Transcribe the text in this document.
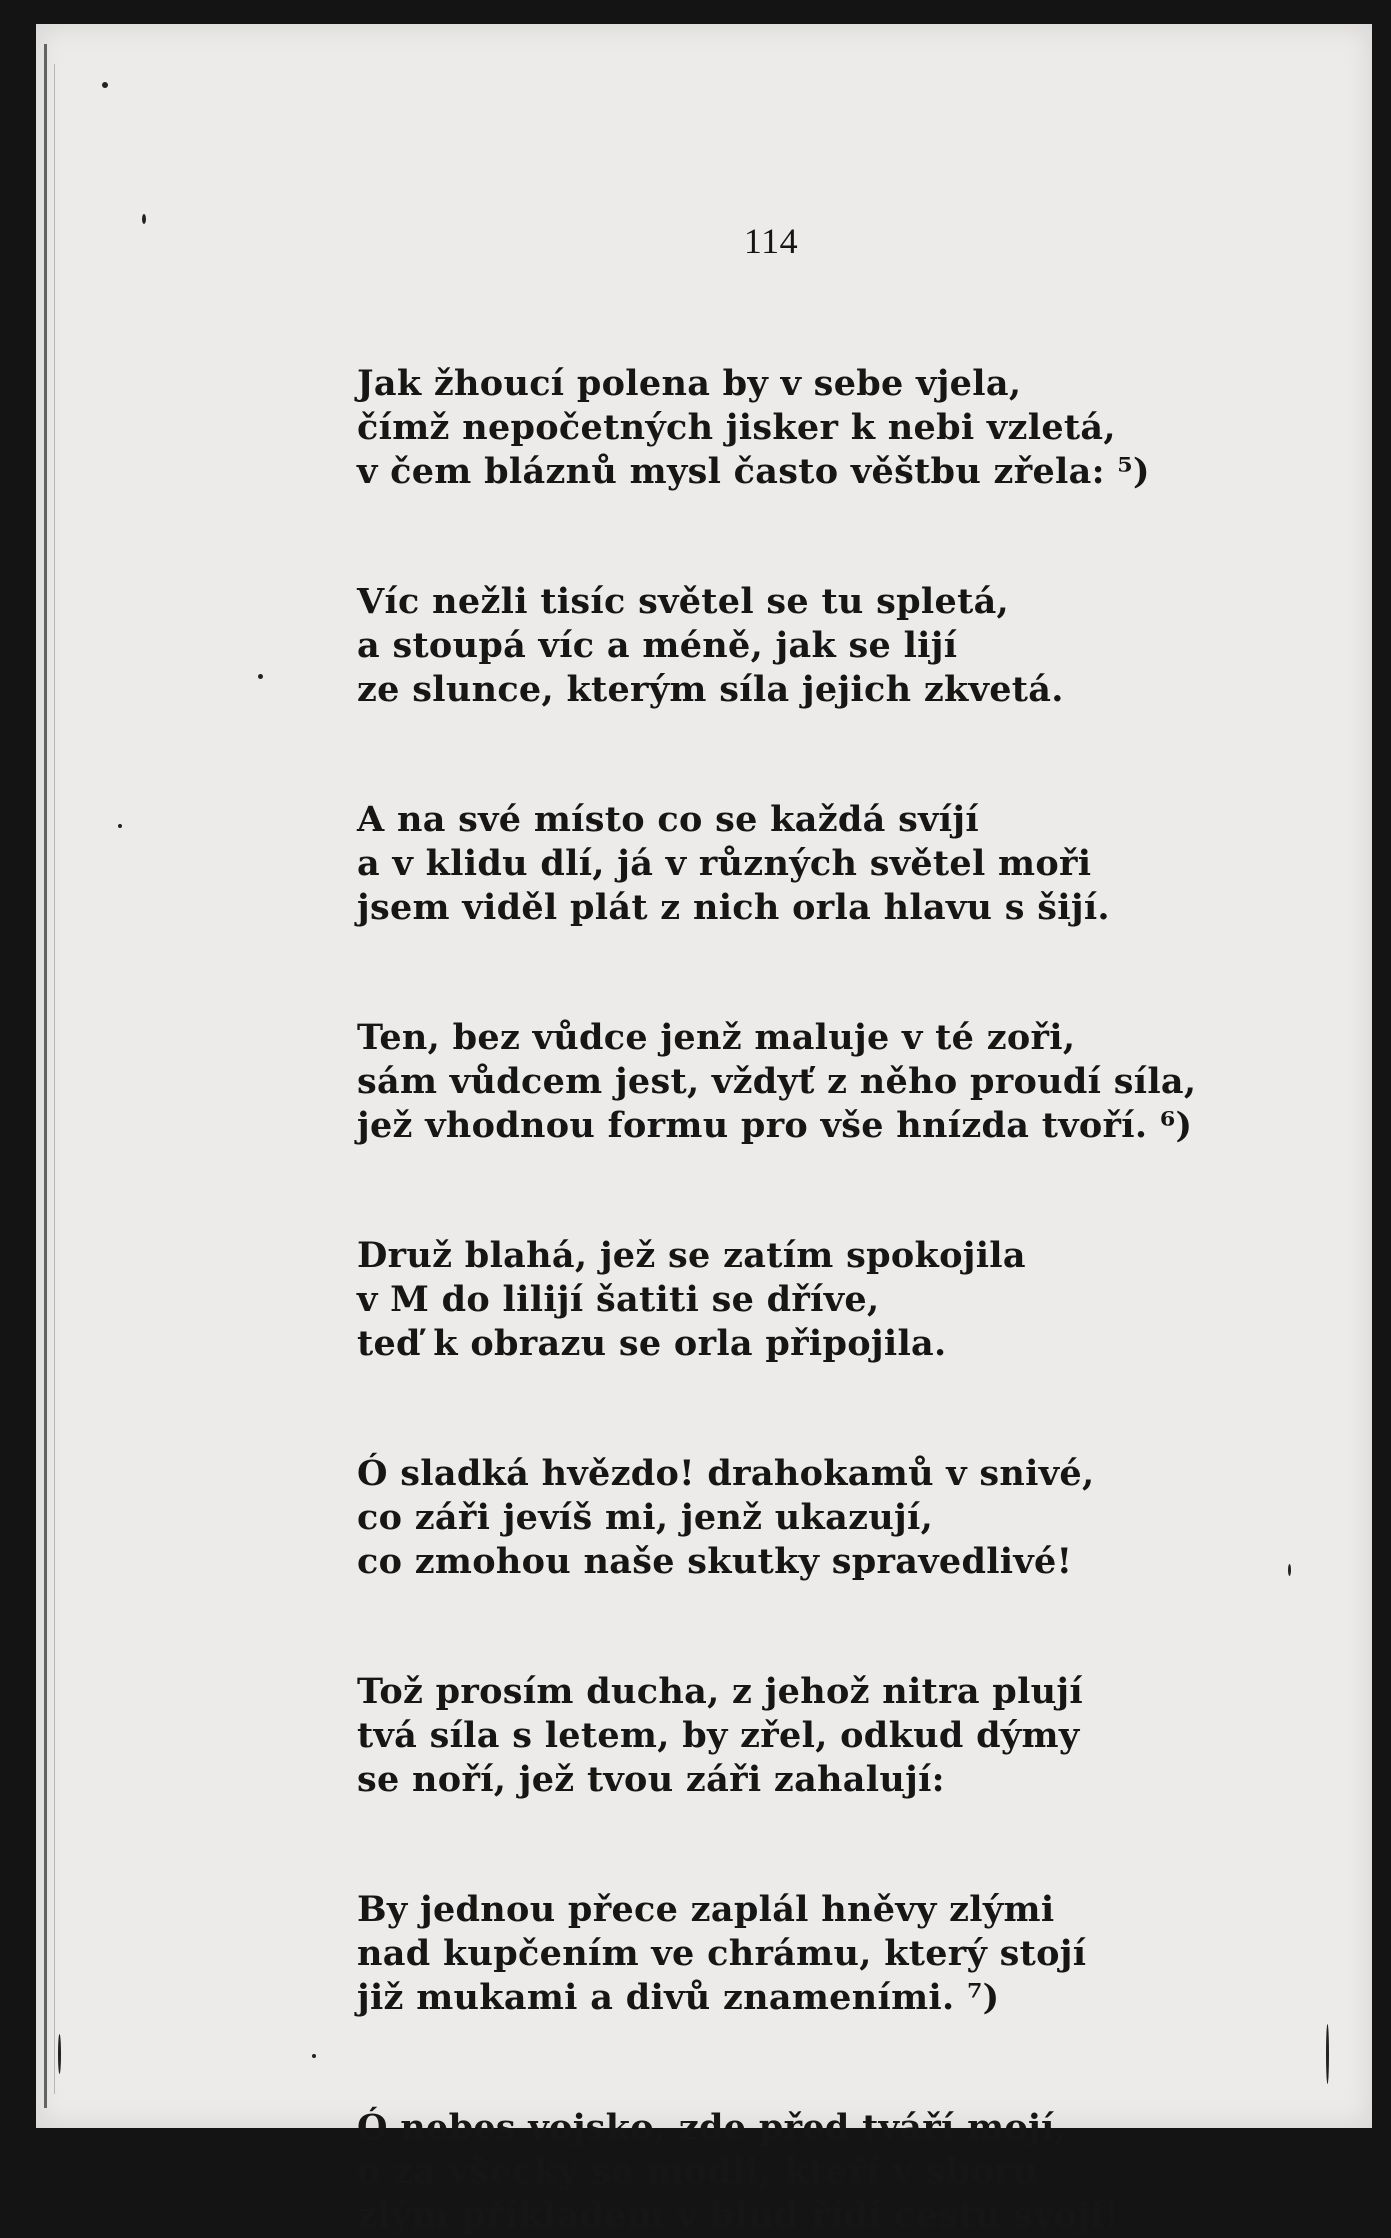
114
Jak žhoucí polena by v sebe vjela,
čímž nepočetných jisker k nebi vzletá,
v čem bláznů mysl často věštbu zřela: ⁵)
Víc nežli tisíc světel se tu spletá,
a stoupá víc a méně, jak se lijí
ze slunce, kterým síla jejich zkvetá.
A na své místo co se každá svíjí
a v klidu dlí, já v různých světel moři
jsem viděl plát z nich orla hlavu s šijí.
Ten, bez vůdce jenž maluje v té zoři,
sám vůdcem jest, vždyť z něho proudí síla,
jež vhodnou formu pro vše hnízda tvoří. ⁶)
Druž blahá, jež se zatím spokojila
v M do lilijí šatiti se dříve,
teď k obrazu se orla připojila.
Ó sladká hvězdo! drahokamů v snivé,
co záři jevíš mi, jenž ukazují,
co zmohou naše skutky spravedlivé!
Tož prosím ducha, z jehož nitra plují
tvá síla s letem, by zřel, odkud dýmy
se noří, jež tvou záři zahalují:
By jednou přece zaplál hněvy zlými
nad kupčením ve chrámu, který stojí
již mukami a divů znameními. ⁷)
Ó nebes vojsko, zde před tváří mojí,
o za všecky se modli, kteří v sboru
zlým příkladem v blud řídí cestu svoji!
